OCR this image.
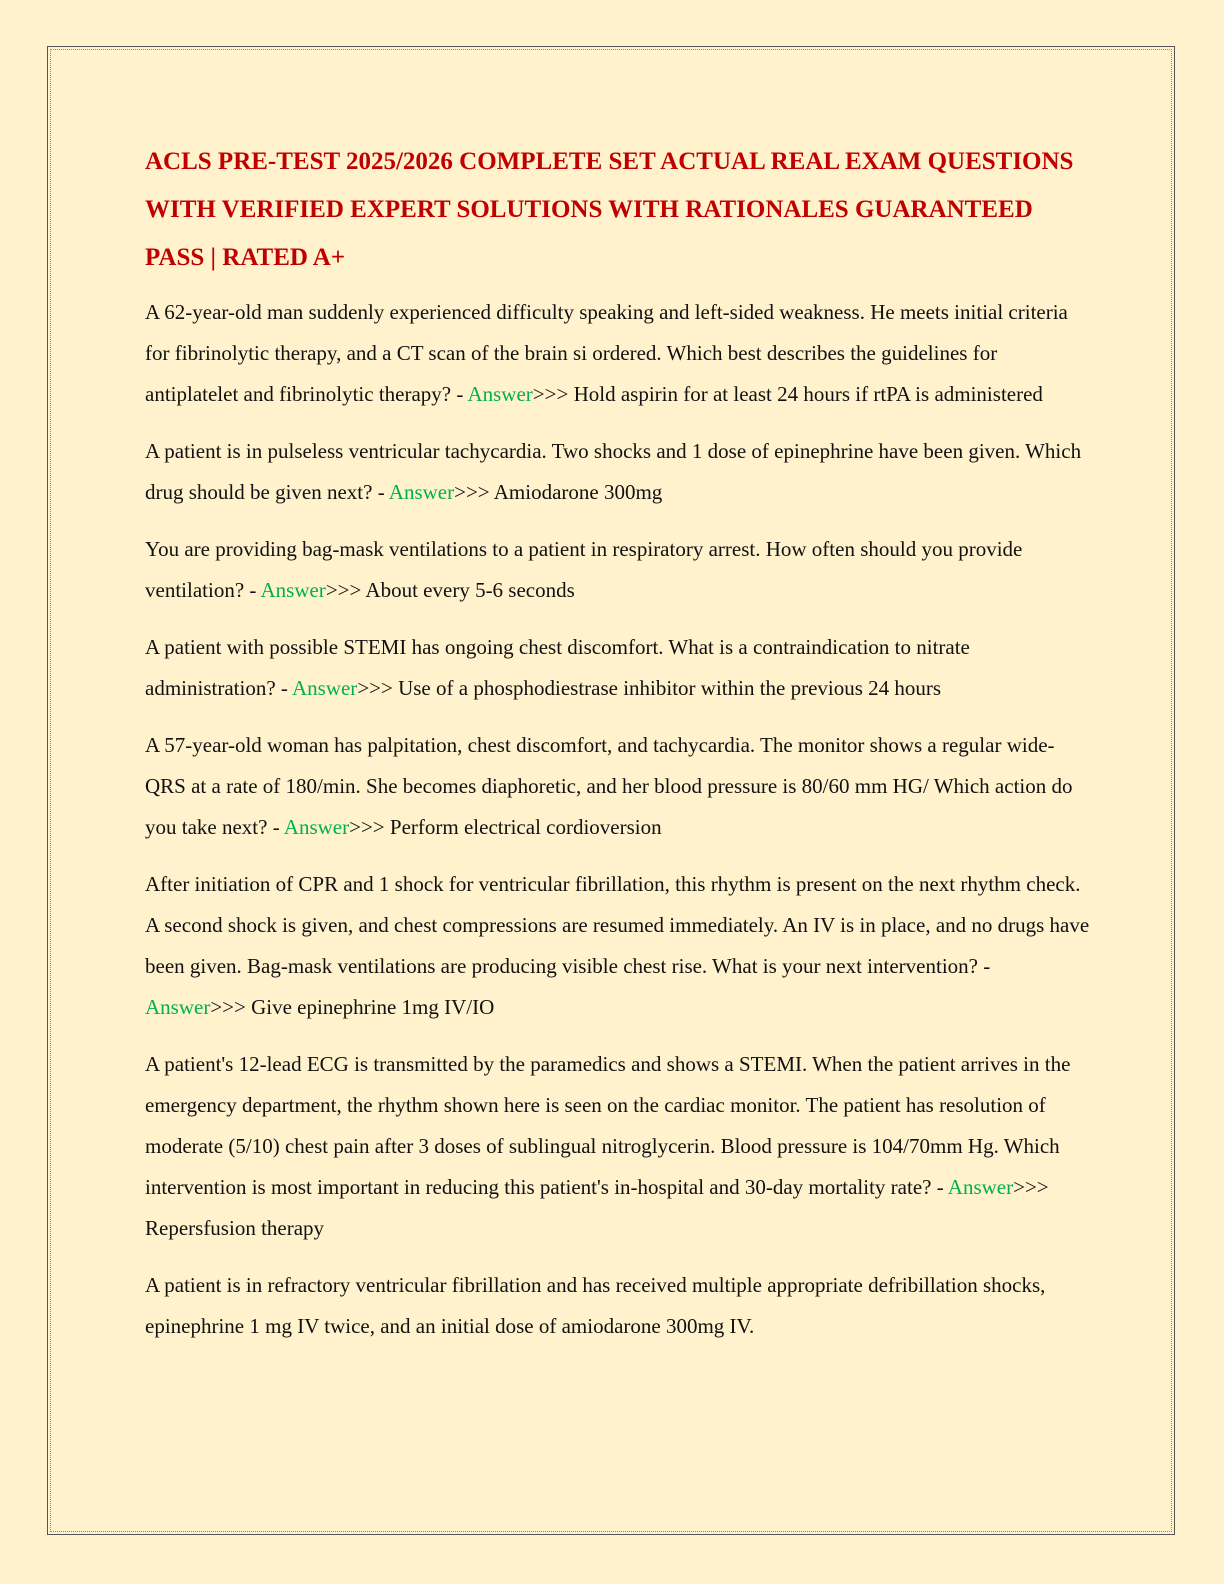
ACLS PRE-TEST 2025/2026 COMPLETE SET ACTUAL REAL EXAM QUESTIONS WITH VERIFIED EXPERT SOLUTIONS WITH RATIONALES GUARANTEED PASS | RATED A+

A 62-year-old man suddenly experienced difficulty speaking and left-sided weakness. He meets initial criteria for fibrinolytic therapy, and a CT scan of the brain si ordered. Which best describes the guidelines for antiplatelet and fibrinolytic therapy? - Answer>>> Hold aspirin for at least 24 hours if rtPA is administered

A patient is in pulseless ventricular tachycardia. Two shocks and 1 dose of epinephrine have been given. Which drug should be given next? - Answer>>> Amiodarone 300mg

You are providing bag-mask ventilations to a patient in respiratory arrest. How often should you provide ventilation? - Answer>>> About every 5-6 seconds

A patient with possible STEMI has ongoing chest discomfort. What is a contraindication to nitrate administration? - Answer>>> Use of a phosphodiestrase inhibitor within the previous 24 hours

A 57-year-old woman has palpitation, chest discomfort, and tachycardia. The monitor shows a regular wide-QRS at a rate of 180/min. She becomes diaphoretic, and her blood pressure is 80/60 mm HG/ Which action do you take next? - Answer>>> Perform electrical cordioversion

After initiation of CPR and 1 shock for ventricular fibrillation, this rhythm is present on the next rhythm check. A second shock is given, and chest compressions are resumed immediately. An IV is in place, and no drugs have been given. Bag-mask ventilations are producing visible chest rise. What is your next intervention? - Answer>>> Give epinephrine 1mg IV/IO

A patient's 12-lead ECG is transmitted by the paramedics and shows a STEMI. When the patient arrives in the emergency department, the rhythm shown here is seen on the cardiac monitor. The patient has resolution of moderate (5/10) chest pain after 3 doses of sublingual nitroglycerin. Blood pressure is 104/70mm Hg. Which intervention is most important in reducing this patient's in-hospital and 30-day mortality rate? - Answer>>> Repersfusion therapy

A patient is in refractory ventricular fibrillation and has received multiple appropriate defribillation shocks, epinephrine 1 mg IV twice, and an initial dose of amiodarone 300mg IV.
